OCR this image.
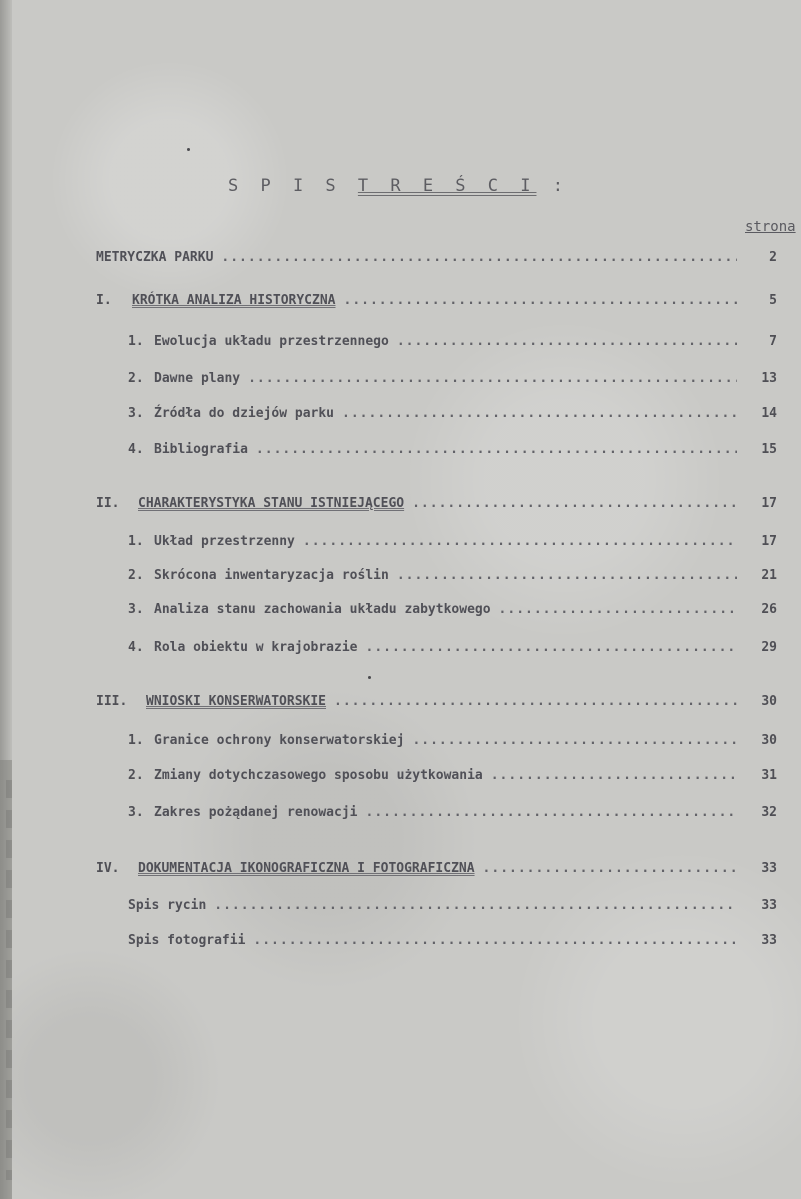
S P I S T R E Ś C I :
strona
METRYCZKA PARKU .....	2
I.	KRÓTKA ANALIZA HISTORYCZNA .....	5
1. Ewolucja układu przestrzennego .....	7
2. Dawne plany .....	13
3. Źródła do dziejów parku .....	14
4. Bibliografia .....	15
II.	CHARAKTERYSTYKA STANU ISTNIEJĄCEGO .....	17
1. Układ przestrzenny .....	17
2. Skrócona inwentaryzacja roślin .....	21
3. Analiza stanu zachowania układu zabytkowego .....	26
4. Rola obiektu w krajobrazie .....	29
III.	WNIOSKI KONSERWATORSKIE .....	30
1. Granice ochrony konserwatorskiej .....	30
2. Zmiany dotychczasowego sposobu użytkowania .....	31
3. Zakres pożądanej renowacji .....	32
IV.	DOKUMENTACJA IKONOGRAFICZNA I FOTOGRAFICZNA .....	33
Spis rycin .....	33
Spis fotografii .....	33
